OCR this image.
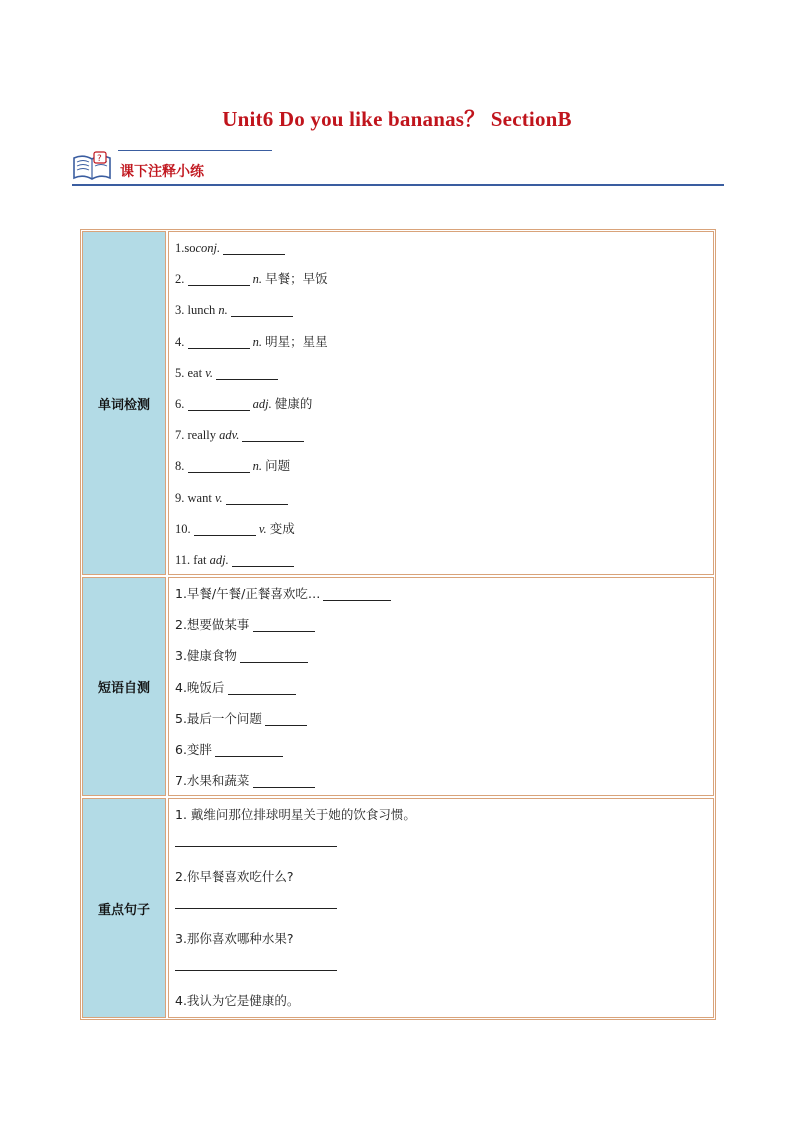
Unit6 Do you like bananas？ SectionB
?
课下注释小练
单词检测
1.soconj.
2.	n. 早餐；早饭
3. lunch n.
4.	n. 明星；星星
5. eat v.
6.	adj. 健康的
7. really adv.
8.	n. 问题
9. want v.
10.	v. 变成
11. fat adj.
短语自测
1.早餐/午餐/正餐喜欢吃…
2.想要做某事
3.健康食物
4.晚饭后
5.最后一个问题
6.变胖
7.水果和蔬菜
重点句子
1. 戴维问那位排球明星关于她的饮食习惯。
2.你早餐喜欢吃什么?
3.那你喜欢哪种水果?
4.我认为它是健康的。
